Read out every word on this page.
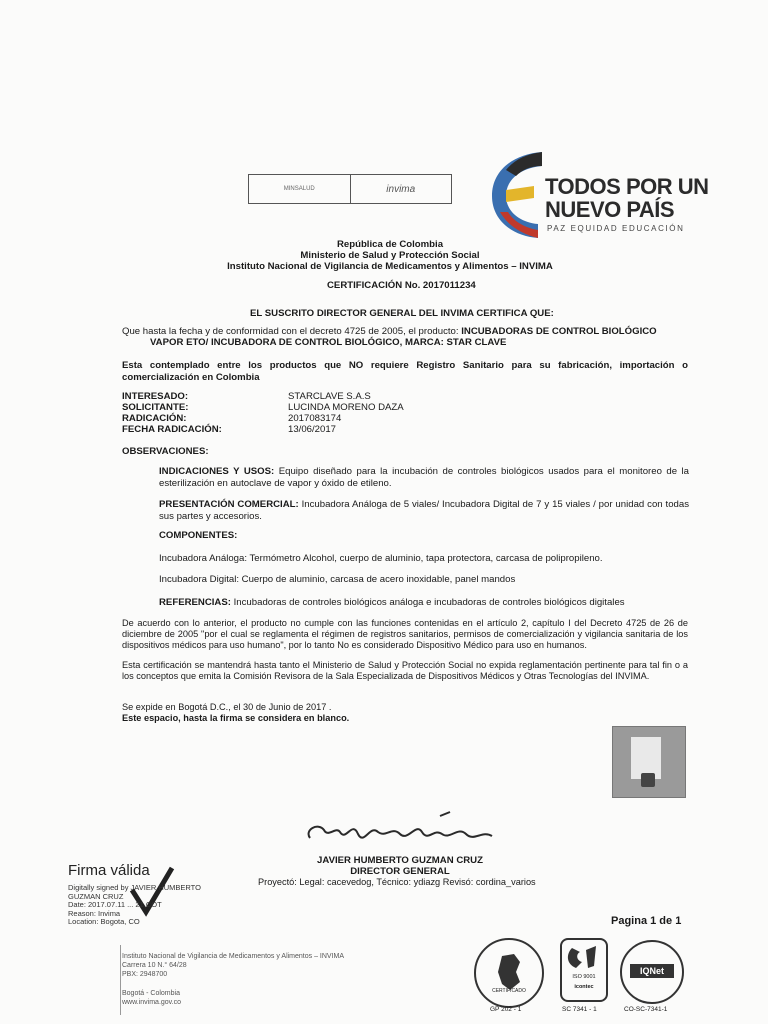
MINSALUD	invima	TODOS POR UN
NUEVO PAÍS
PAZ EQUIDAD EDUCACIÓN
República de Colombia
Ministerio de Salud y Protección Social
Instituto Nacional de Vigilancia de Medicamentos y Alimentos – INVIMA
CERTIFICACIÓN No. 2017011234
EL SUSCRITO DIRECTOR GENERAL DEL INVIMA CERTIFICA QUE:
Que hasta la fecha y de conformidad con el decreto 4725 de 2005, el producto: INCUBADORAS DE CONTROL BIOLÓGICO
VAPOR ETO/ INCUBADORA DE CONTROL BIOLÓGICO, MARCA: STAR CLAVE
Esta contemplado entre los productos que NO requiere Registro Sanitario para su fabricación, importación o comercialización en Colombia
INTERESADO:	STARCLAVE S.A.S
SOLICITANTE:	LUCINDA MORENO DAZA
RADICACIÓN:	2017083174
FECHA RADICACIÓN:	13/06/2017
OBSERVACIONES:
INDICACIONES Y USOS: Equipo diseñado para la incubación de controles biológicos usados para el monitoreo de la esterilización en autoclave de vapor y óxido de etileno.
PRESENTACIÓN COMERCIAL: Incubadora Análoga de 5 viales/ Incubadora Digital de 7 y 15 viales / por unidad con todas sus partes y accesorios.
COMPONENTES:
Incubadora Análoga: Termómetro Alcohol, cuerpo de aluminio, tapa protectora, carcasa de polipropileno.
Incubadora Digital: Cuerpo de aluminio, carcasa de acero inoxidable, panel mandos
REFERENCIAS: Incubadoras de controles biológicos análoga e incubadoras de controles biológicos digitales
De acuerdo con lo anterior, el producto no cumple con las funciones contenidas en el artículo 2, capítulo I del Decreto 4725 de 26 de diciembre de 2005 "por el cual se reglamenta el régimen de registros sanitarios, permisos de comercialización y vigilancia sanitaria de los dispositivos médicos para uso humano", por lo tanto No es considerado Dispositivo Médico para uso en humanos.
Esta certificación se mantendrá hasta tanto el Ministerio de Salud y Protección Social no expida reglamentación pertinente para tal fin o a los conceptos que emita la Comisión Revisora de la Sala Especializada de Dispositivos Médicos y Otras Tecnologías del INVIMA.
Se expide en Bogotá D.C., el 30 de Junio de 2017 .
Este espacio, hasta la firma se considera en blanco.
JAVIER HUMBERTO GUZMAN CRUZ
DIRECTOR GENERAL
Proyectó: Legal: cacevedog, Técnico: ydiazg Revisó: cordina_varios
Firma válida
Digitally signed by JAVIER HUMBERTO
GUZMAN CRUZ
Date: 2017.07.11 ... 21 COT
Reason: Invima
Location: Bogota, CO	Pagina 1 de 1
Instituto Nacional de Vigilancia de Medicamentos y Alimentos – INVIMA
Carrera 10 N.° 64/28
PBX: 2948700
Bogotá - Colombia
www.invima.gov.co
CERTIFICADO
GP 202 - 1
ISO 9001
icontec
SC 7341 - 1
IQNet
CO-SC-7341-1
